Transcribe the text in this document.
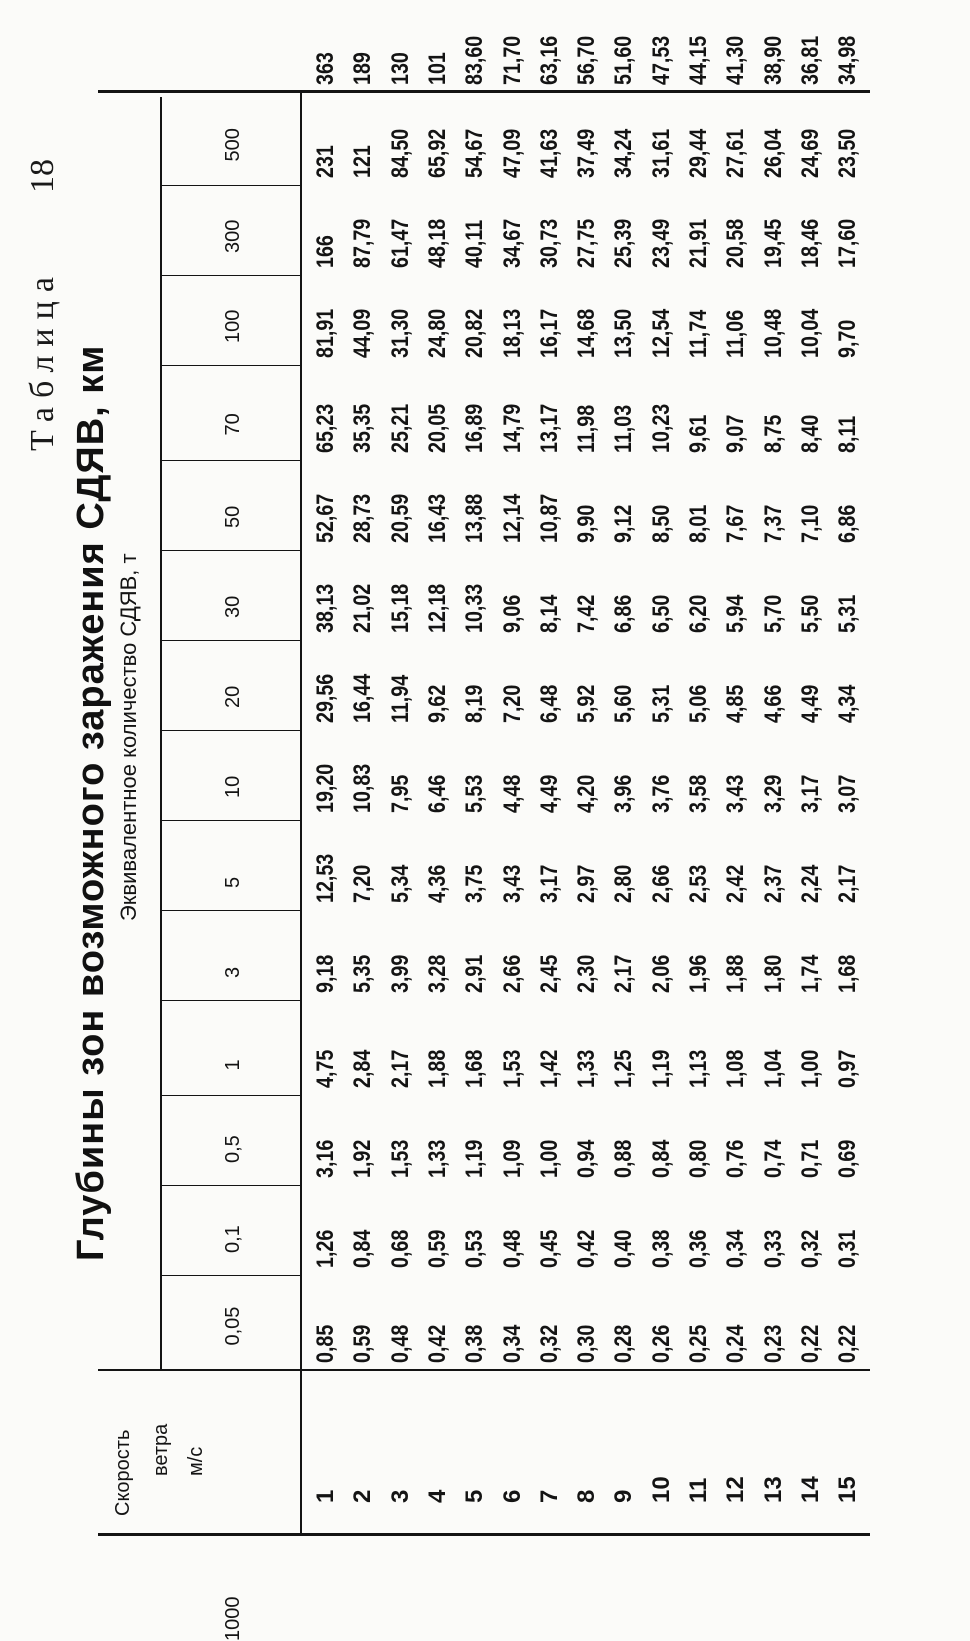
Таблица
18
Глубины зон возможного заражения СДЯВ, км
Скорость ветра м/с
Эквивалентное количество СДЯВ, т
0,05
0,1
0,5
1
3
5
10
20
30
50
70
100
300
500
1000
1 2 3 4 5 6 7 8 9 10 11 12 13 14 15
0,85
1,26
3,16
4,75
9,18
12,53
19,20
29,56
38,13
52,67
65,23
81,91
166
231
363
0,59
0,84
1,92
2,84
5,35
7,20
10,83
16,44
21,02
28,73
35,35
44,09
87,79
121
189
0,48
0,68
1,53
2,17
3,99
5,34
7,95
11,94
15,18
20,59
25,21
31,30
61,47
84,50
130
0,42
0,59
1,33
1,88
3,28
4,36
6,46
9,62
12,18
16,43
20,05
24,80
48,18
65,92
101
0,38
0,53
1,19
1,68
2,91
3,75
5,53
8,19
10,33
13,88
16,89
20,82
40,11
54,67
83,60
0,34
0,48
1,09
1,53
2,66
3,43
4,48
7,20
9,06
12,14
14,79
18,13
34,67
47,09
71,70
0,32
0,45
1,00
1,42
2,45
3,17
4,49
6,48
8,14
10,87
13,17
16,17
30,73
41,63
63,16
0,30
0,42
0,94
1,33
2,30
2,97
4,20
5,92
7,42
9,90
11,98
14,68
27,75
37,49
56,70
0,28
0,40
0,88
1,25
2,17
2,80
3,96
5,60
6,86
9,12
11,03
13,50
25,39
34,24
51,60
0,26
0,38
0,84
1,19
2,06
2,66
3,76
5,31
6,50
8,50
10,23
12,54
23,49
31,61
47,53
0,25
0,36
0,80
1,13
1,96
2,53
3,58
5,06
6,20
8,01
9,61
11,74
21,91
29,44
44,15
0,24
0,34
0,76
1,08
1,88
2,42
3,43
4,85
5,94
7,67
9,07
11,06
20,58
27,61
41,30
0,23
0,33
0,74
1,04
1,80
2,37
3,29
4,66
5,70
7,37
8,75
10,48
19,45
26,04
38,90
0,22
0,32
0,71
1,00
1,74
2,24
3,17
4,49
5,50
7,10
8,40
10,04
18,46
24,69
36,81
0,22
0,31
0,69
0,97
1,68
2,17
3,07
4,34
5,31
6,86
8,11
9,70
17,60
23,50
34,98
